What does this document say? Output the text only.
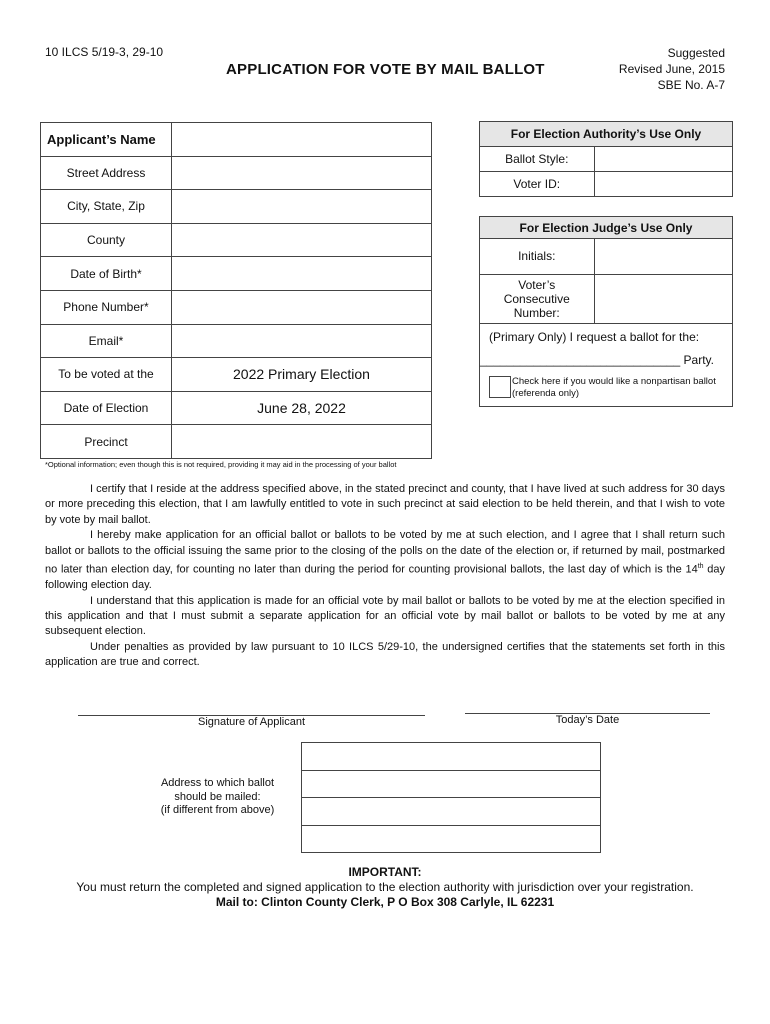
10 ILCS 5/19-3, 29-10
APPLICATION FOR VOTE BY MAIL BALLOT
Suggested
Revised June, 2015
SBE No. A-7
Applicant’s Name	
Street Address	
City, State, Zip	
County	
Date of Birth*	
Phone Number*	
Email*	
To be voted at the	2022 Primary Election
Date of Election	June 28, 2022
Precinct	
*Optional information; even though this is not required, providing it may aid in the processing of your ballot
For Election Authority’s Use Only
Ballot Style:	
Voter ID:	
For Election Judge’s Use Only
Initials:	
Voter’s Consecutive Number:	
(Primary Only) I request a ballot for the:
______________________________ Party.
Check here if you would like a nonpartisan ballot (referenda only)

I certify that I reside at the address specified above, in the stated precinct and county, that I have lived at such address for 30 days or more preceding this election, that I am lawfully entitled to vote in such precinct at said election to be held therein, and that I wish to vote by vote by mail ballot.

I hereby make application for an official ballot or ballots to be voted by me at such election, and I agree that I shall return such ballot or ballots to the official issuing the same prior to the closing of the polls on the date of the election or, if returned by mail, postmarked no later than election day, for counting no later than during the period for counting provisional ballots, the last day of which is the 14th day following election day.

I understand that this application is made for an official vote by mail ballot or ballots to be voted by me at the election specified in this application and that I must submit a separate application for an official vote by mail ballot or ballots to be voted by me at any subsequent election.

Under penalties as provided by law pursuant to 10 ILCS 5/29-10, the undersigned certifies that the statements set forth in this application are true and correct.

Signature of Applicant	Today’s Date
Address to which ballot
should be mailed:
(if different from above)

IMPORTANT:
You must return the completed and signed application to the election authority with jurisdiction over your registration.
Mail to: Clinton County Clerk, P O Box 308 Carlyle, IL 62231
